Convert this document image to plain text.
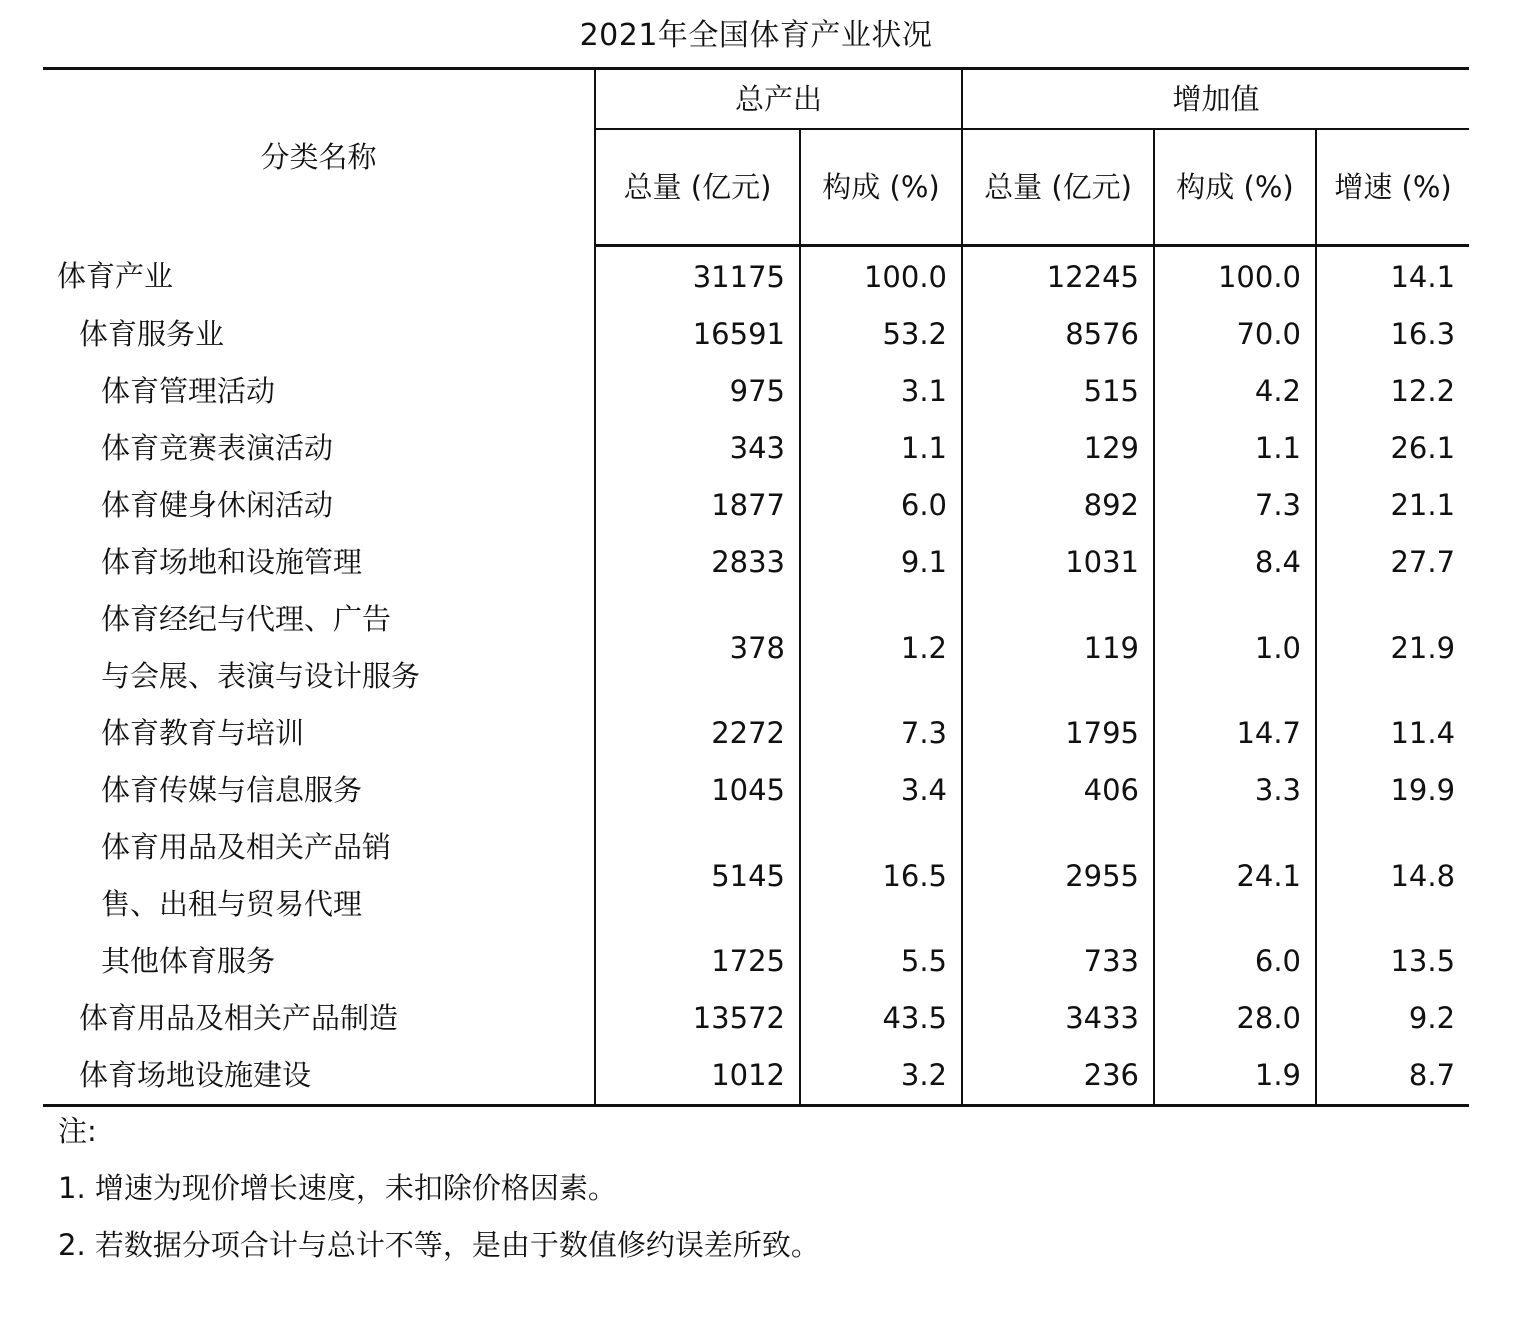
2021年全国体育产业状况
分类名称	总产出		增加值		
	总量 (亿元)	构成 (%)	总量 (亿元)	构成 (%)	增速 (%)

体育产业	31175	100.0	12245	100.0	14.1

体育服务业	16591	53.2	8576	70.0	16.3

体育管理活动	975	3.1	515	4.2	12.2

体育竞赛表演活动	343	1.1	129	1.1	26.1

体育健身休闲活动	1877	6.0	892	7.3	21.1

体育场地和设施管理	2833	9.1	1031	8.4	27.7

体育经纪与代理、广告
与会展、表演与设计服务	378	1.2	119	1.0	21.9

体育教育与培训	2272	7.3	1795	14.7	11.4

体育传媒与信息服务	1045	3.4	406	3.3	19.9

体育用品及相关产品销
售、出租与贸易代理	5145	16.5	2955	24.1	14.8

其他体育服务	1725	5.5	733	6.0	13.5

体育用品及相关产品制造	13572	43.5	3433	28.0	9.2

体育场地设施建设	1012	3.2	236	1.9	8.7
注:
1. 增速为现价增长速度，未扣除价格因素。
2. 若数据分项合计与总计不等，是由于数值修约误差所致。
